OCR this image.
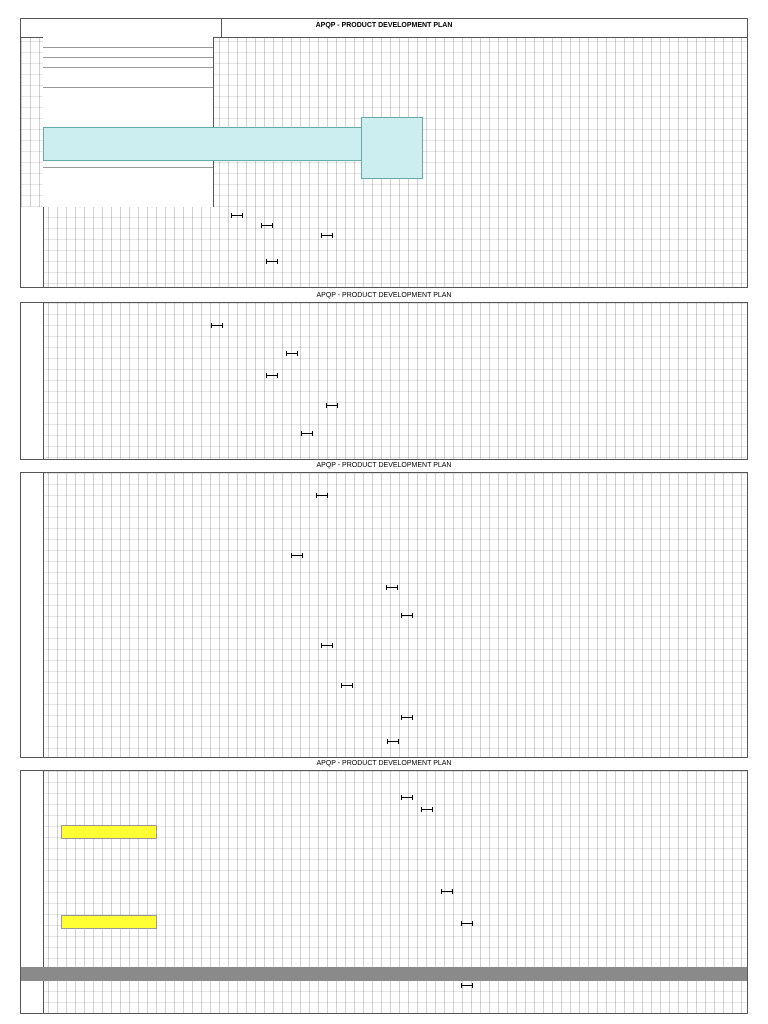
APQP - PRODUCT DEVELOPMENT PLAN
APQP - PRODUCT DEVELOPMENT PLAN
APQP - PRODUCT DEVELOPMENT PLAN
APQP - PRODUCT DEVELOPMENT PLAN
